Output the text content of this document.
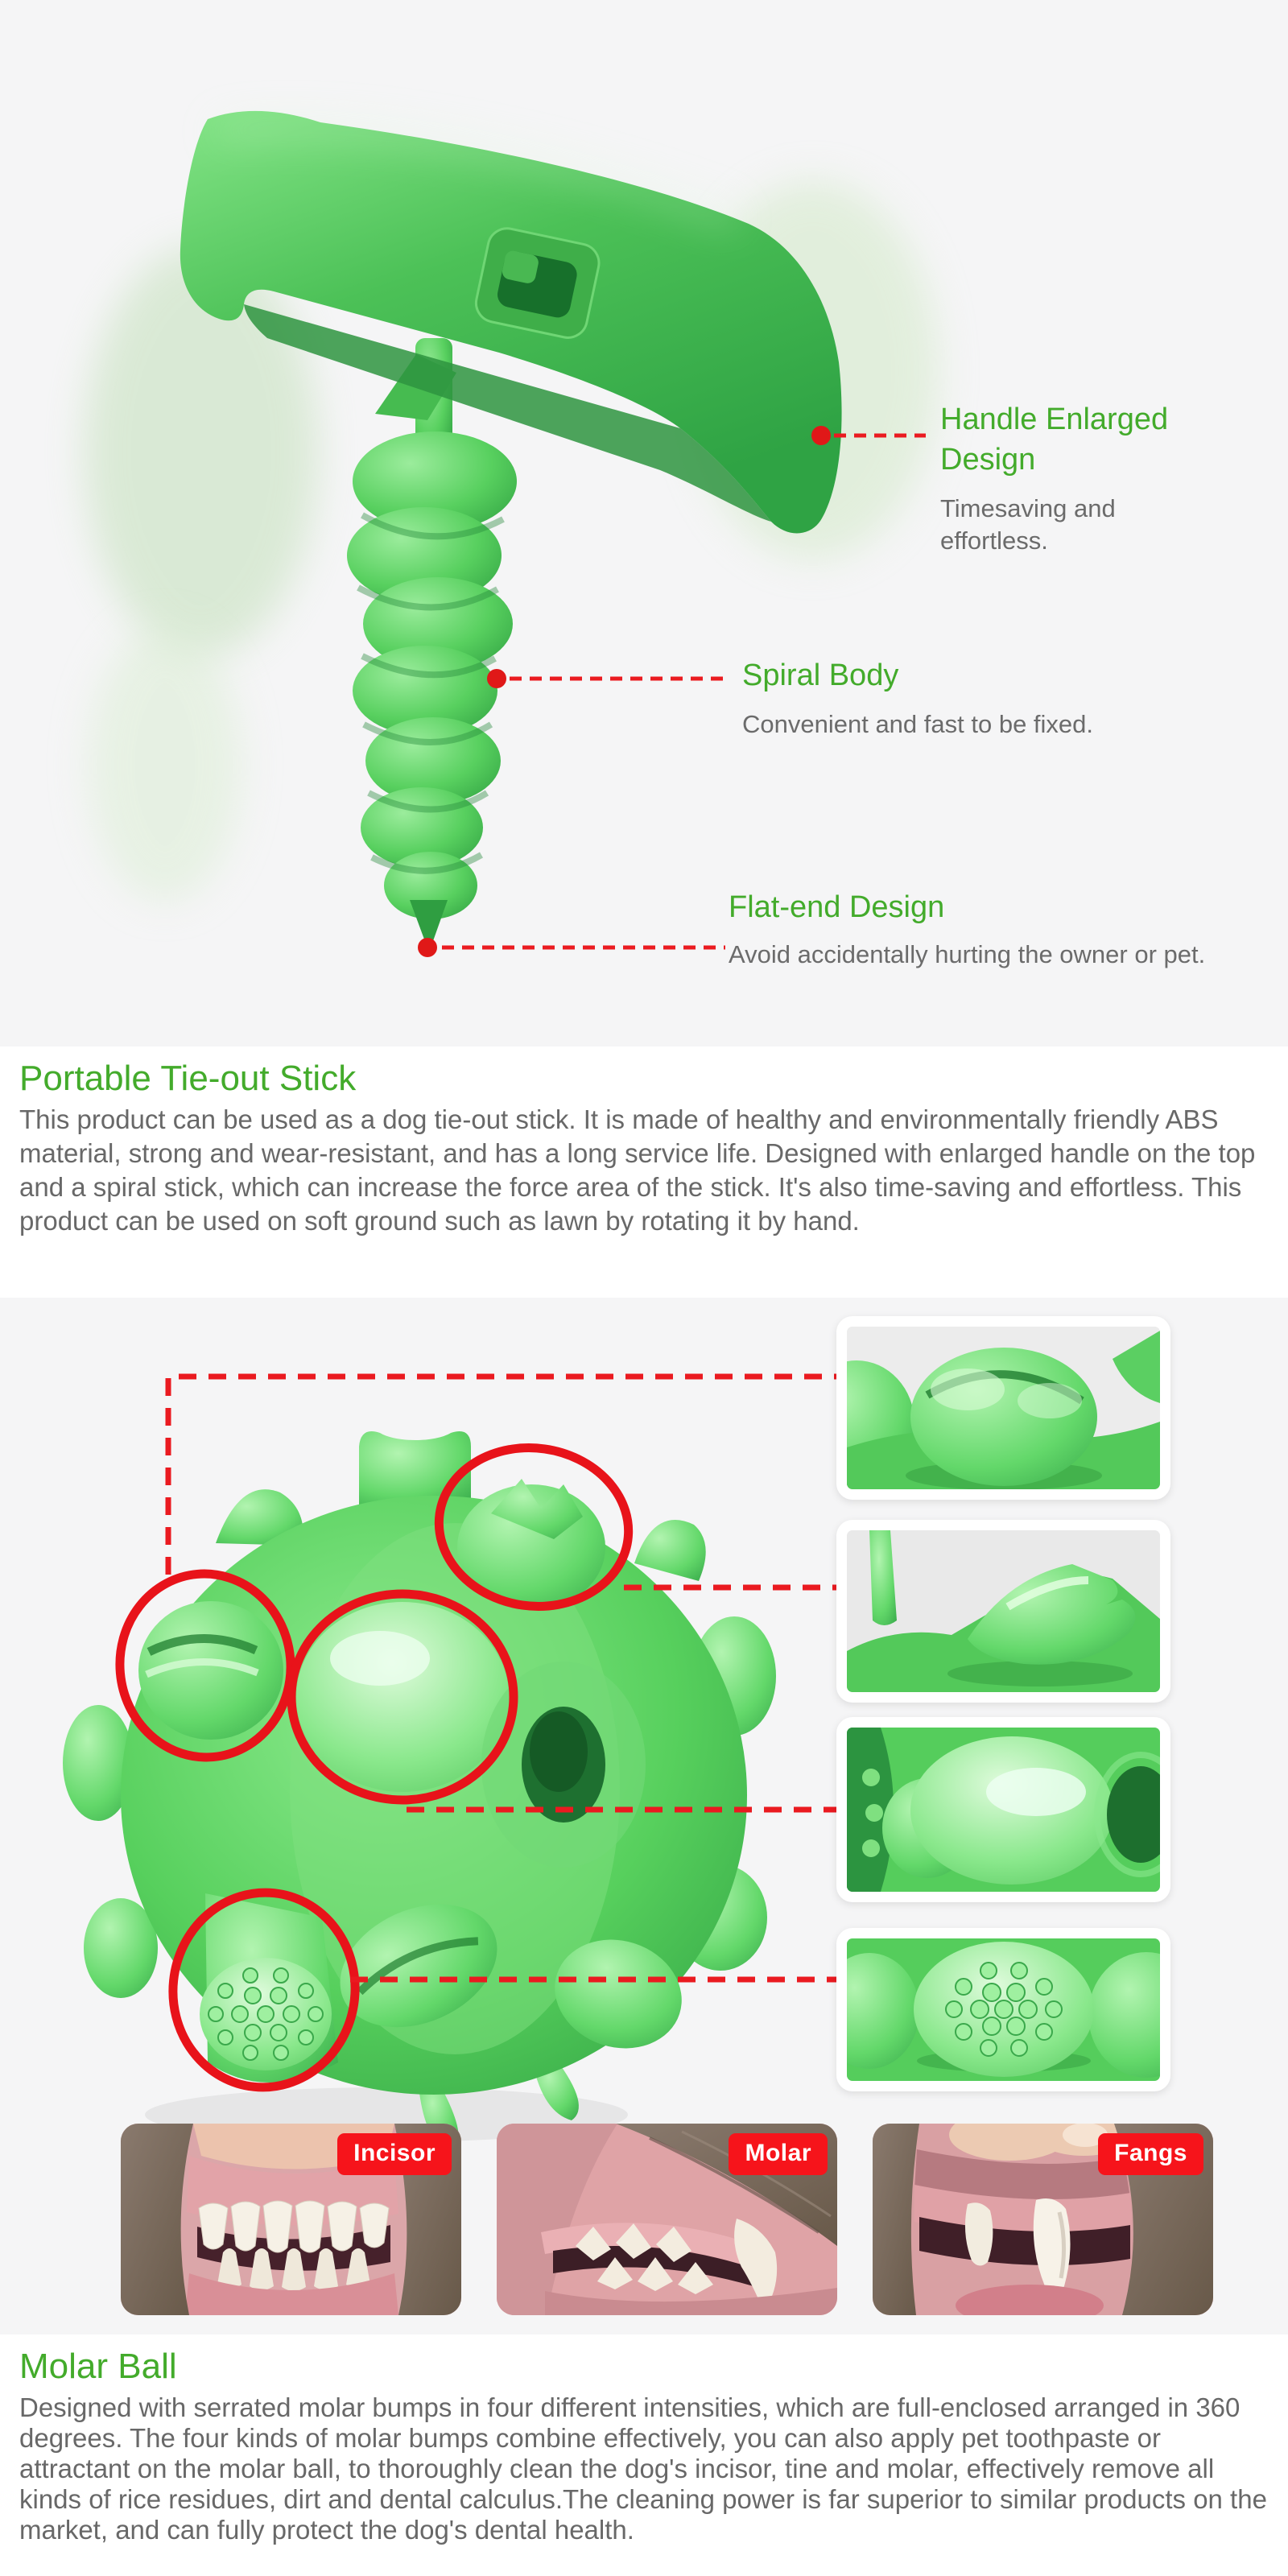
Handle Enlarged Design

Timesaving and effortless.

Spiral Body

Convenient and fast to be fixed.

Flat-end Design

Avoid accidentally hurting the owner or pet.

Portable Tie-out Stick

This product can be used as a dog tie-out stick. It is made of healthy and environmentally friendly ABS material, strong and wear-resistant, and has a long service life. Designed with enlarged handle on the top and a spiral stick, which can increase the force area of the stick. It's also time-saving and effortless. This product can be used on soft ground such as lawn by rotating it by hand.

Incisor	Molar	Fangs
Molar Ball

Designed with serrated molar bumps in four different intensities, which are full-enclosed arranged in 360 degrees. The four kinds of molar bumps combine effectively, you can also apply pet toothpaste or attractant on the molar ball, to thoroughly clean the dog's incisor, tine and molar, effectively remove all kinds of rice residues, dirt and dental calculus.The cleaning power is far superior to similar products on the market, and can fully protect the dog's dental health.
